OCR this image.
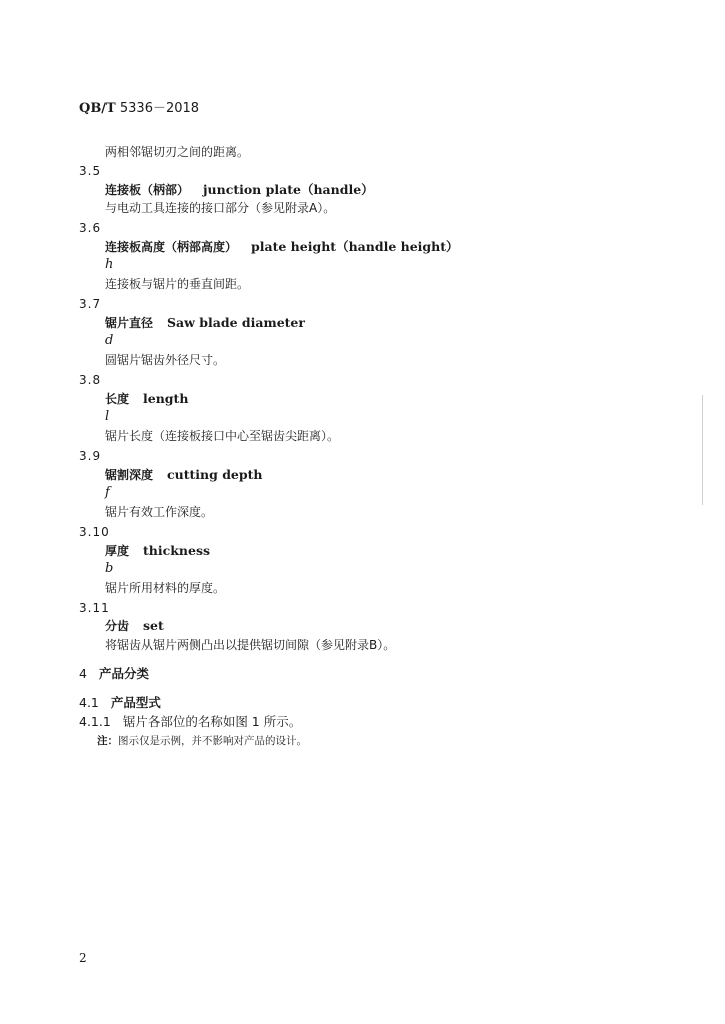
QB/T 5336－2018
两相邻锯切刃之间的距离。
3.5
连接板（柄部） junction plate（handle）
与电动工具连接的接口部分（参见附录A）。
3.6
连接板高度（柄部高度） plate height（handle height）
h
连接板与锯片的垂直间距。
3.7
锯片直径 Saw blade diameter
d
圆锯片锯齿外径尺寸。
3.8
长度 length
l
锯片长度（连接板接口中心至锯齿尖距离）。
3.9
锯割深度 cutting depth
f
锯片有效工作深度。
3.10
厚度 thickness
b
锯片所用材料的厚度。
3.11
分齿 set
将锯齿从锯片两侧凸出以提供锯切间隙（参见附录B）。
4 产品分类
4.1 产品型式
4.1.1 锯片各部位的名称如图 1 所示。
注：图示仅是示例，并不影响对产品的设计。
2
